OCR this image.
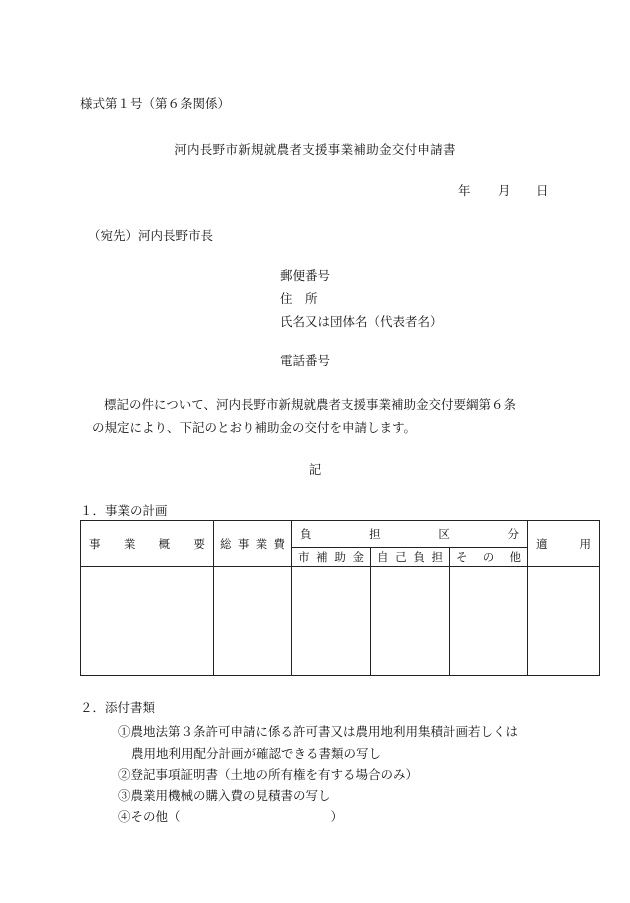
様式第１号（第６条関係）
河内長野市新規就農者支援事業補助金交付申請書
年 月 日
（宛先）河内長野市長
郵便番号
住　所
氏名又は団体名（代表者名）
電話番号
標記の件について、河内長野市新規就農者支援事業補助金交付要綱第６条
の規定により、下記のとおり補助金の交付を申請します。
記
１．事業の計画
事業概要	総事業費	負担区分			適用
		市補助金	自己負担	その他	

２．添付書類
①農地法第３条許可申請に係る許可書又は農用地利用集積計画若しくは
農用地利用配分計画が確認できる書類の写し
②登記事項証明書（土地の所有権を有する場合のみ）
③農業用機械の購入費の見積書の写し
④その他（　　　　　　　　　　　　）
